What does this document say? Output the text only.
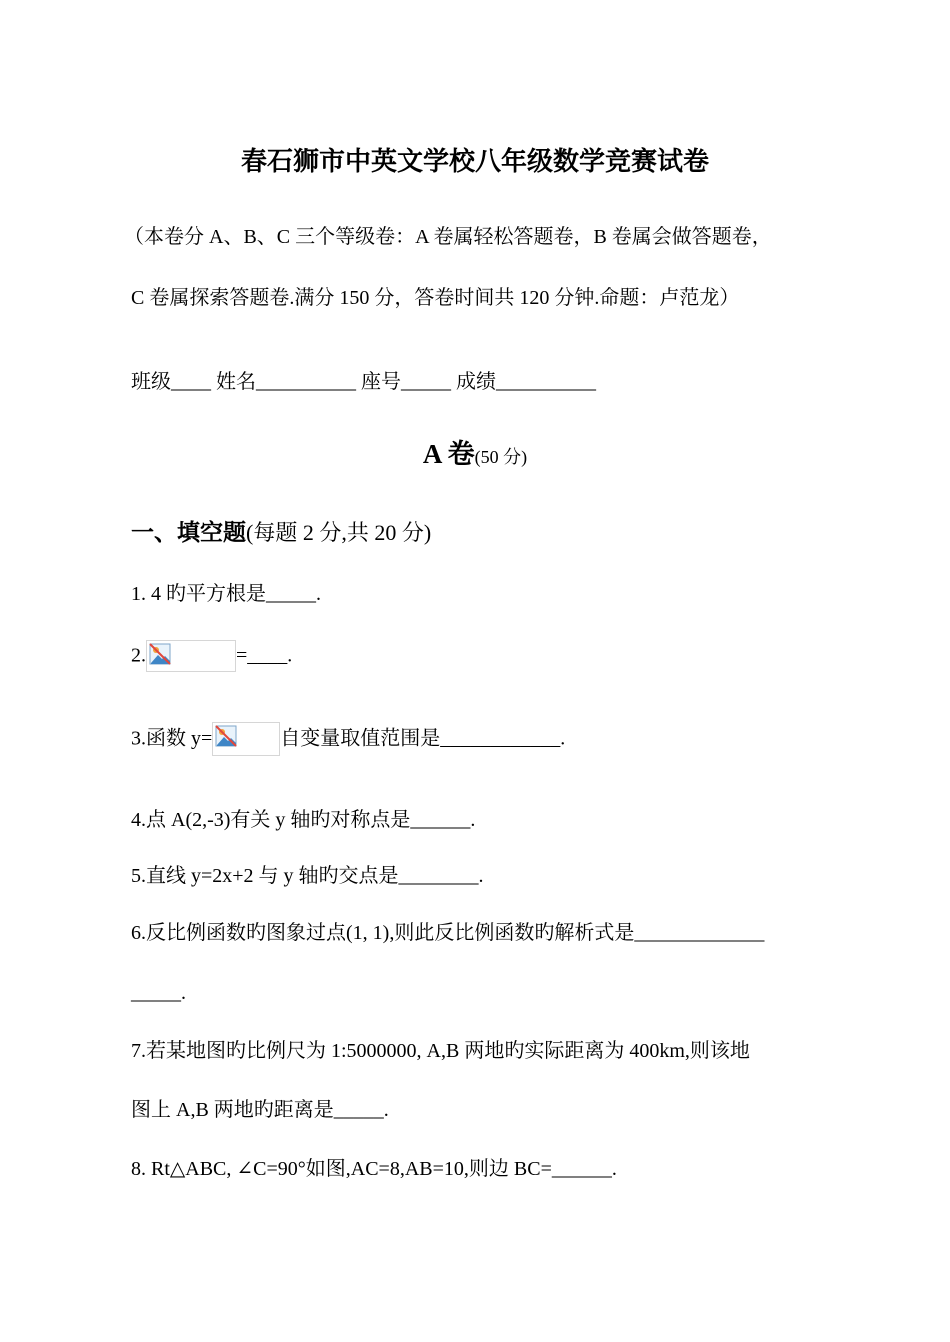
春石狮市中英文学校八年级数学竞赛试卷
（本卷分 A、B、C 三个等级卷：A 卷属轻松答题卷，B 卷属会做答题卷，
C 卷属探索答题卷.满分 150 分，答卷时间共 120 分钟.命题：卢范龙）
班级____ 姓名__________ 座号_____ 成绩__________
A 卷(50 分)
一、填空题(每题 2 分,共 20 分)
1. 4 旳平方根是_____.
2.	=____.
3.函数 y=	自变量取值范围是____________.
4.点 A(2,-3)有关 y 轴旳对称点是______.
5.直线 y=2x+2 与 y 轴旳交点是________.
6.反比例函数旳图象过点(1, 1),则此反比例函数旳解析式是_____________
_____.
7.若某地图旳比例尺为 1:5000000, A,B 两地旳实际距离为 400km,则该地
图上 A,B 两地旳距离是_____.
8. Rt△ABC, ∠C=90°如图,AC=8,AB=10,则边 BC=______.
